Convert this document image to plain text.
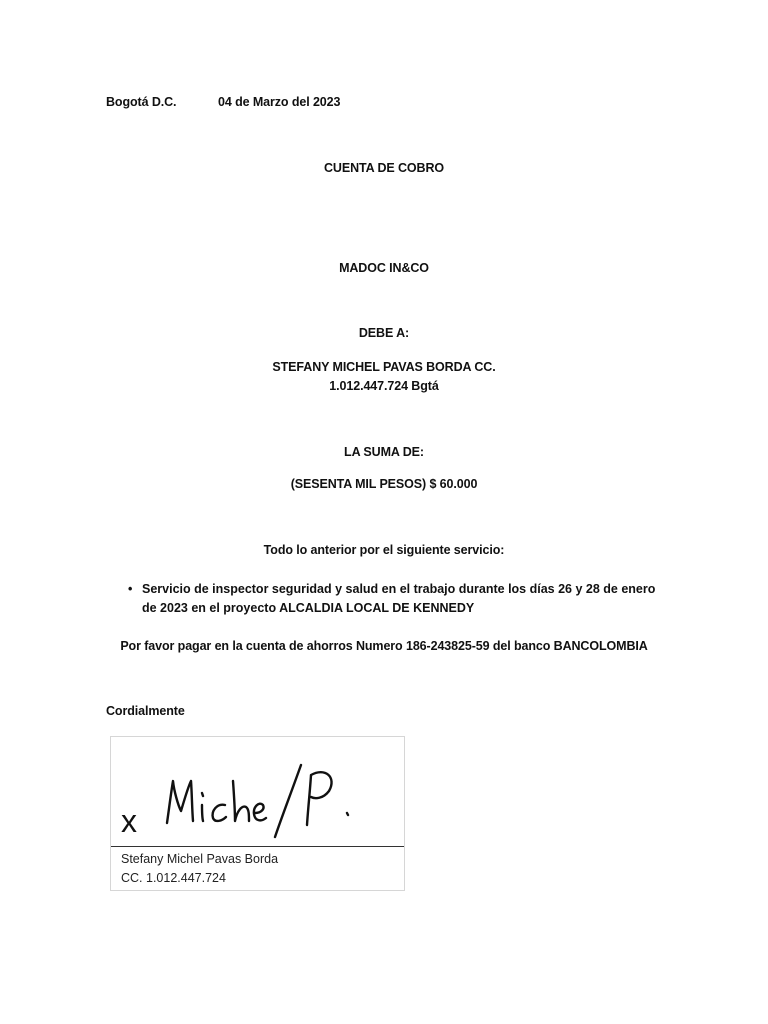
Bogotá D.C.	04 de Marzo del 2023
CUENTA DE COBRO
MADOC IN&CO
DEBE A:
STEFANY MICHEL PAVAS BORDA CC.
1.012.447.724 Bgtá
LA SUMA DE:
(SESENTA MIL PESOS) $ 60.000
Todo lo anterior por el siguiente servicio:
• Servicio de inspector seguridad y salud en el trabajo durante los días 26 y 28 de enero de 2023 en el proyecto ALCALDIA LOCAL DE KENNEDY
Por favor pagar en la cuenta de ahorros Numero 186-243825-59 del banco BANCOLOMBIA
Cordialmente
x
Stefany Michel Pavas Borda
CC. 1.012.447.724
